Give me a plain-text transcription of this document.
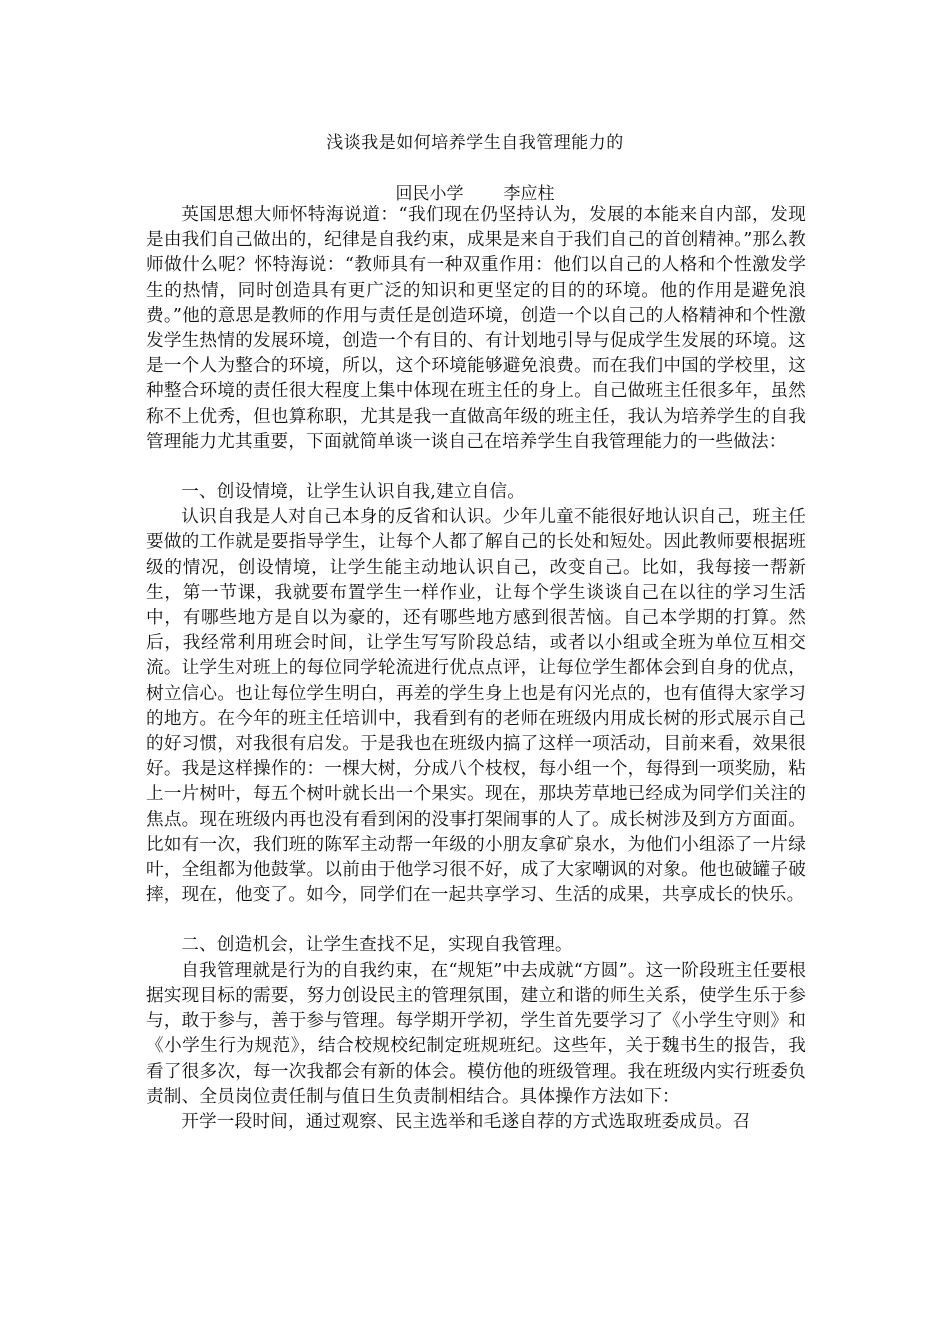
浅谈我是如何培养学生自我管理能力的
回民小学 李应柱

英国思想大师怀特海说道：“我们现在仍坚持认为，发展的本能来自内部，发现是由我们自己做出的，纪律是自我约束，成果是来自于我们自己的首创精神。”那么教师做什么呢？怀特海说：“教师具有一种双重作用：他们以自己的人格和个性激发学生的热情，同时创造具有更广泛的知识和更坚定的目的的环境。他的作用是避免浪费。”他的意思是教师的作用与责任是创造环境，创造一个以自己的人格精神和个性激发学生热情的发展环境，创造一个有目的、有计划地引导与促成学生发展的环境。这是一个人为整合的环境，所以，这个环境能够避免浪费。而在我们中国的学校里，这种整合环境的责任很大程度上集中体现在班主任的身上。自己做班主任很多年，虽然称不上优秀，但也算称职，尤其是我一直做高年级的班主任，我认为培养学生的自我管理能力尤其重要，下面就简单谈一谈自己在培养学生自我管理能力的一些做法：

一、创设情境，让学生认识自我,建立自信。

认识自我是人对自己本身的反省和认识。少年儿童不能很好地认识自己，班主任要做的工作就是要指导学生，让每个人都了解自己的长处和短处。因此教师要根据班级的情况，创设情境，让学生能主动地认识自己，改变自己。比如，我每接一帮新生，第一节课，我就要布置学生一样作业，让每个学生谈谈自己在以往的学习生活中，有哪些地方是自以为豪的，还有哪些地方感到很苦恼。自己本学期的打算。然后，我经常利用班会时间，让学生写写阶段总结，或者以小组或全班为单位互相交流。让学生对班上的每位同学轮流进行优点点评，让每位学生都体会到自身的优点，树立信心。也让每位学生明白，再差的学生身上也是有闪光点的，也有值得大家学习的地方。在今年的班主任培训中，我看到有的老师在班级内用成长树的形式展示自己的好习惯，对我很有启发。于是我也在班级内搞了这样一项活动，目前来看，效果很好。我是这样操作的：一棵大树，分成八个枝杈，每小组一个，每得到一项奖励，粘上一片树叶，每五个树叶就长出一个果实。现在，那块芳草地已经成为同学们关注的焦点。现在班级内再也没有看到闲的没事打架闹事的人了。成长树涉及到方方面面。比如有一次，我们班的陈军主动帮一年级的小朋友拿矿泉水，为他们小组添了一片绿叶，全组都为他鼓掌。以前由于他学习很不好，成了大家嘲讽的对象。他也破罐子破摔，现在，他变了。如今，同学们在一起共享学习、生活的成果，共享成长的快乐。

二、创造机会，让学生查找不足，实现自我管理。

自我管理就是行为的自我约束，在“规矩”中去成就“方圆”。这一阶段班主任要根据实现目标的需要，努力创设民主的管理氛围，建立和谐的师生关系，使学生乐于参与，敢于参与，善于参与管理。每学期开学初，学生首先要学习了《小学生守则》和《小学生行为规范》，结合校规校纪制定班规班纪。这些年，关于魏书生的报告，我看了很多次，每一次我都会有新的体会。模仿他的班级管理。我在班级内实行班委负责制、全员岗位责任制与值日生负责制相结合。具体操作方法如下：

开学一段时间，通过观察、民主选举和毛遂自荐的方式选取班委成员。召
